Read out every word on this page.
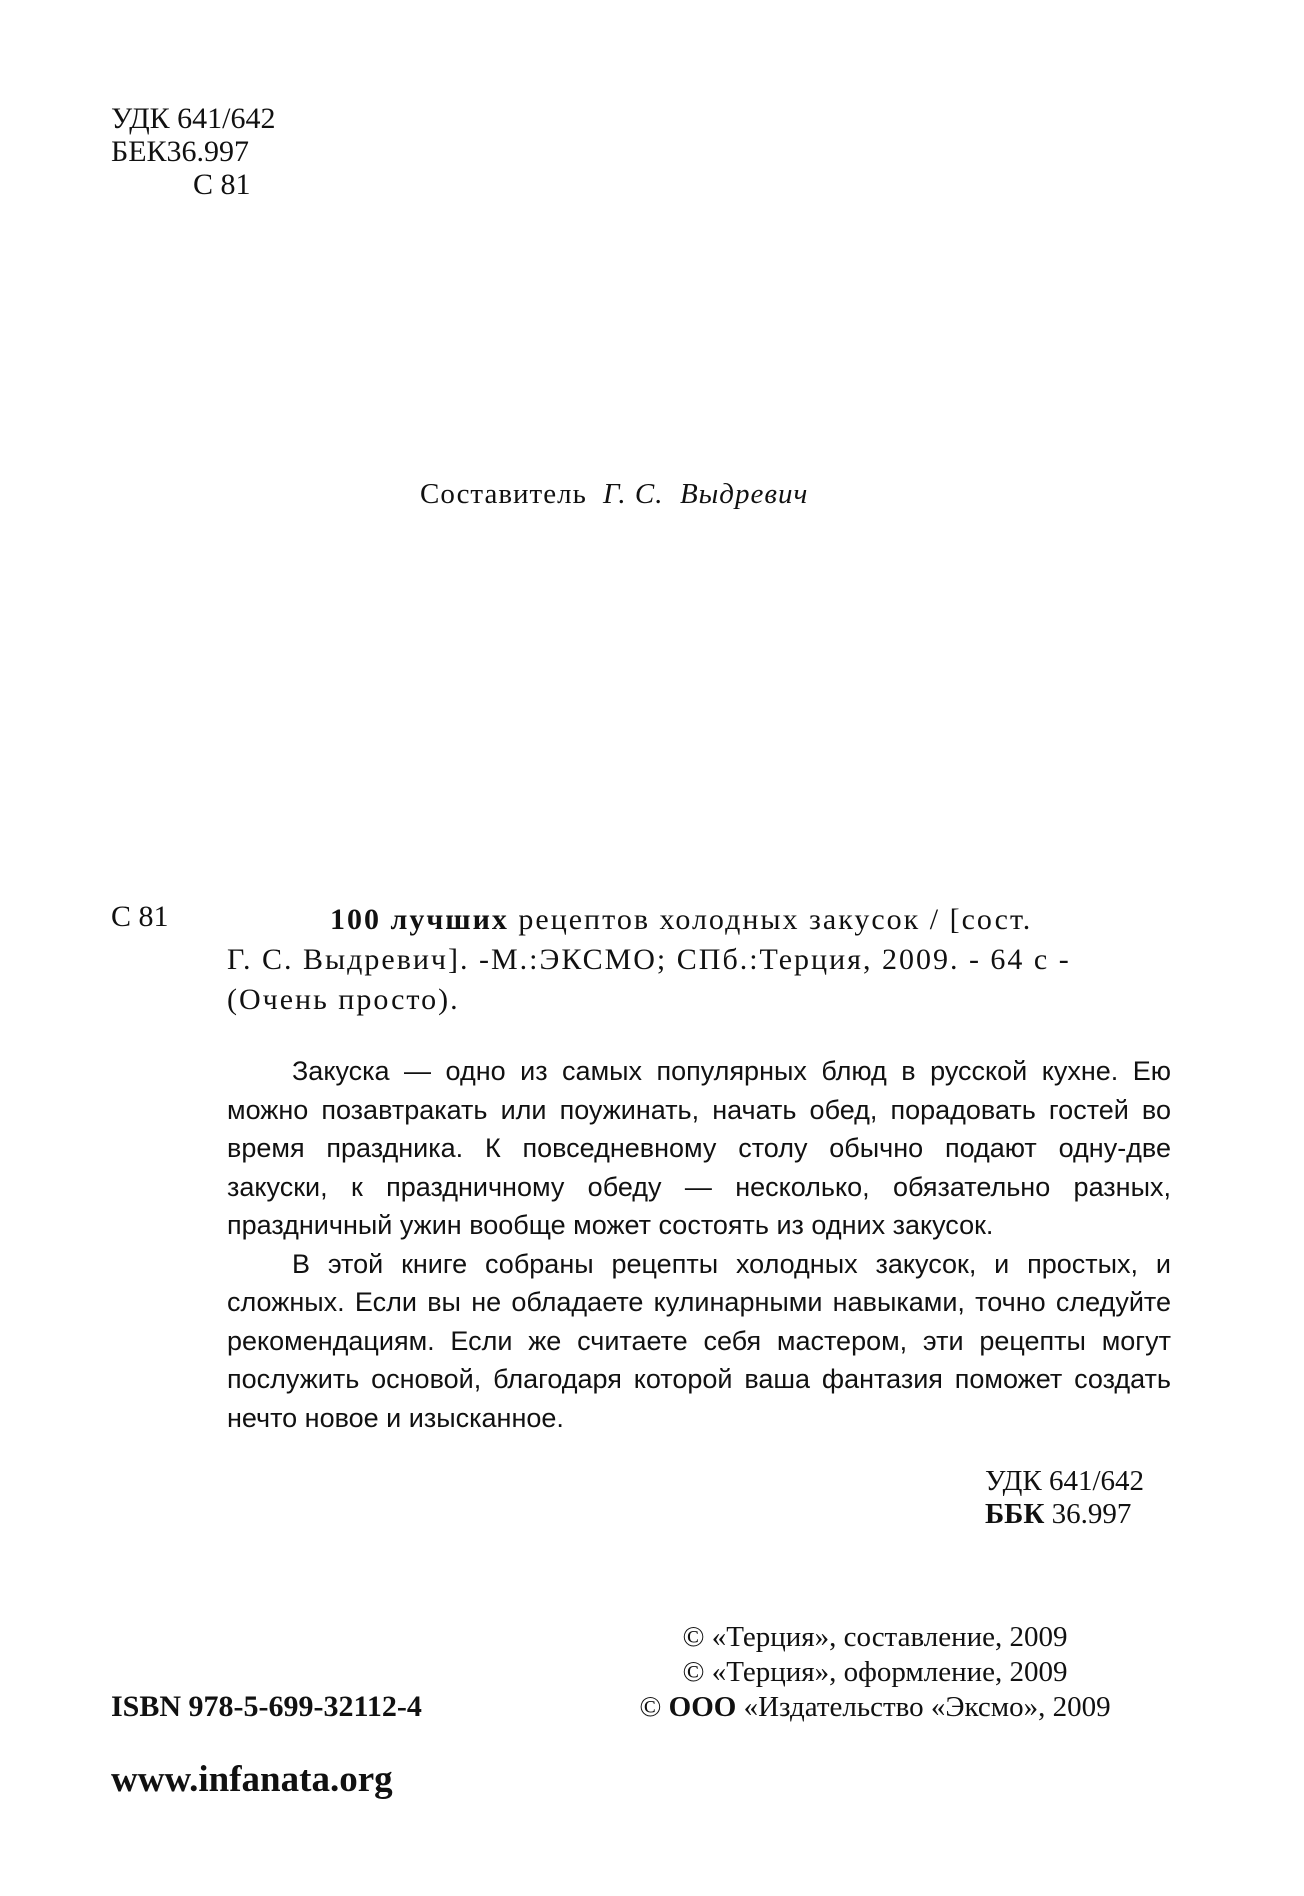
УДК 641/642
БЕК36.997
С 81
Составитель Г. С.  Выдревич
С 81	100 лучших рецептов холодных закусок / [сост.
Г. С. Выдревич]. -М.:ЭКСМО; СПб.:Терция, 2009. - 64 с -
(Очень просто).

Закуска — одно из самых популярных блюд в русской кухне. Ею можно позавтракать или поужинать, начать обед, порадовать гостей во время праздника. К повседневному столу обычно подают одну-две закуски, к праздничному обеду — несколько, обязательно разных, праздничный ужин вообще может состоять из одних закусок.

В этой книге собраны рецепты холодных закусок, и простых, и сложных. Если вы не обладаете кулинарными навыками, точно следуйте рекомендациям. Если же считаете себя мастером, эти рецепты могут послужить основой, благодаря которой ваша фантазия поможет создать нечто новое и изысканное.

УДК 641/642
ББК 36.997
© «Терция», составление, 2009
© «Терция», оформление, 2009
© ООО «Издательство «Эксмо», 2009
ISBN 978-5-699-32112-4
www.infanata.org
